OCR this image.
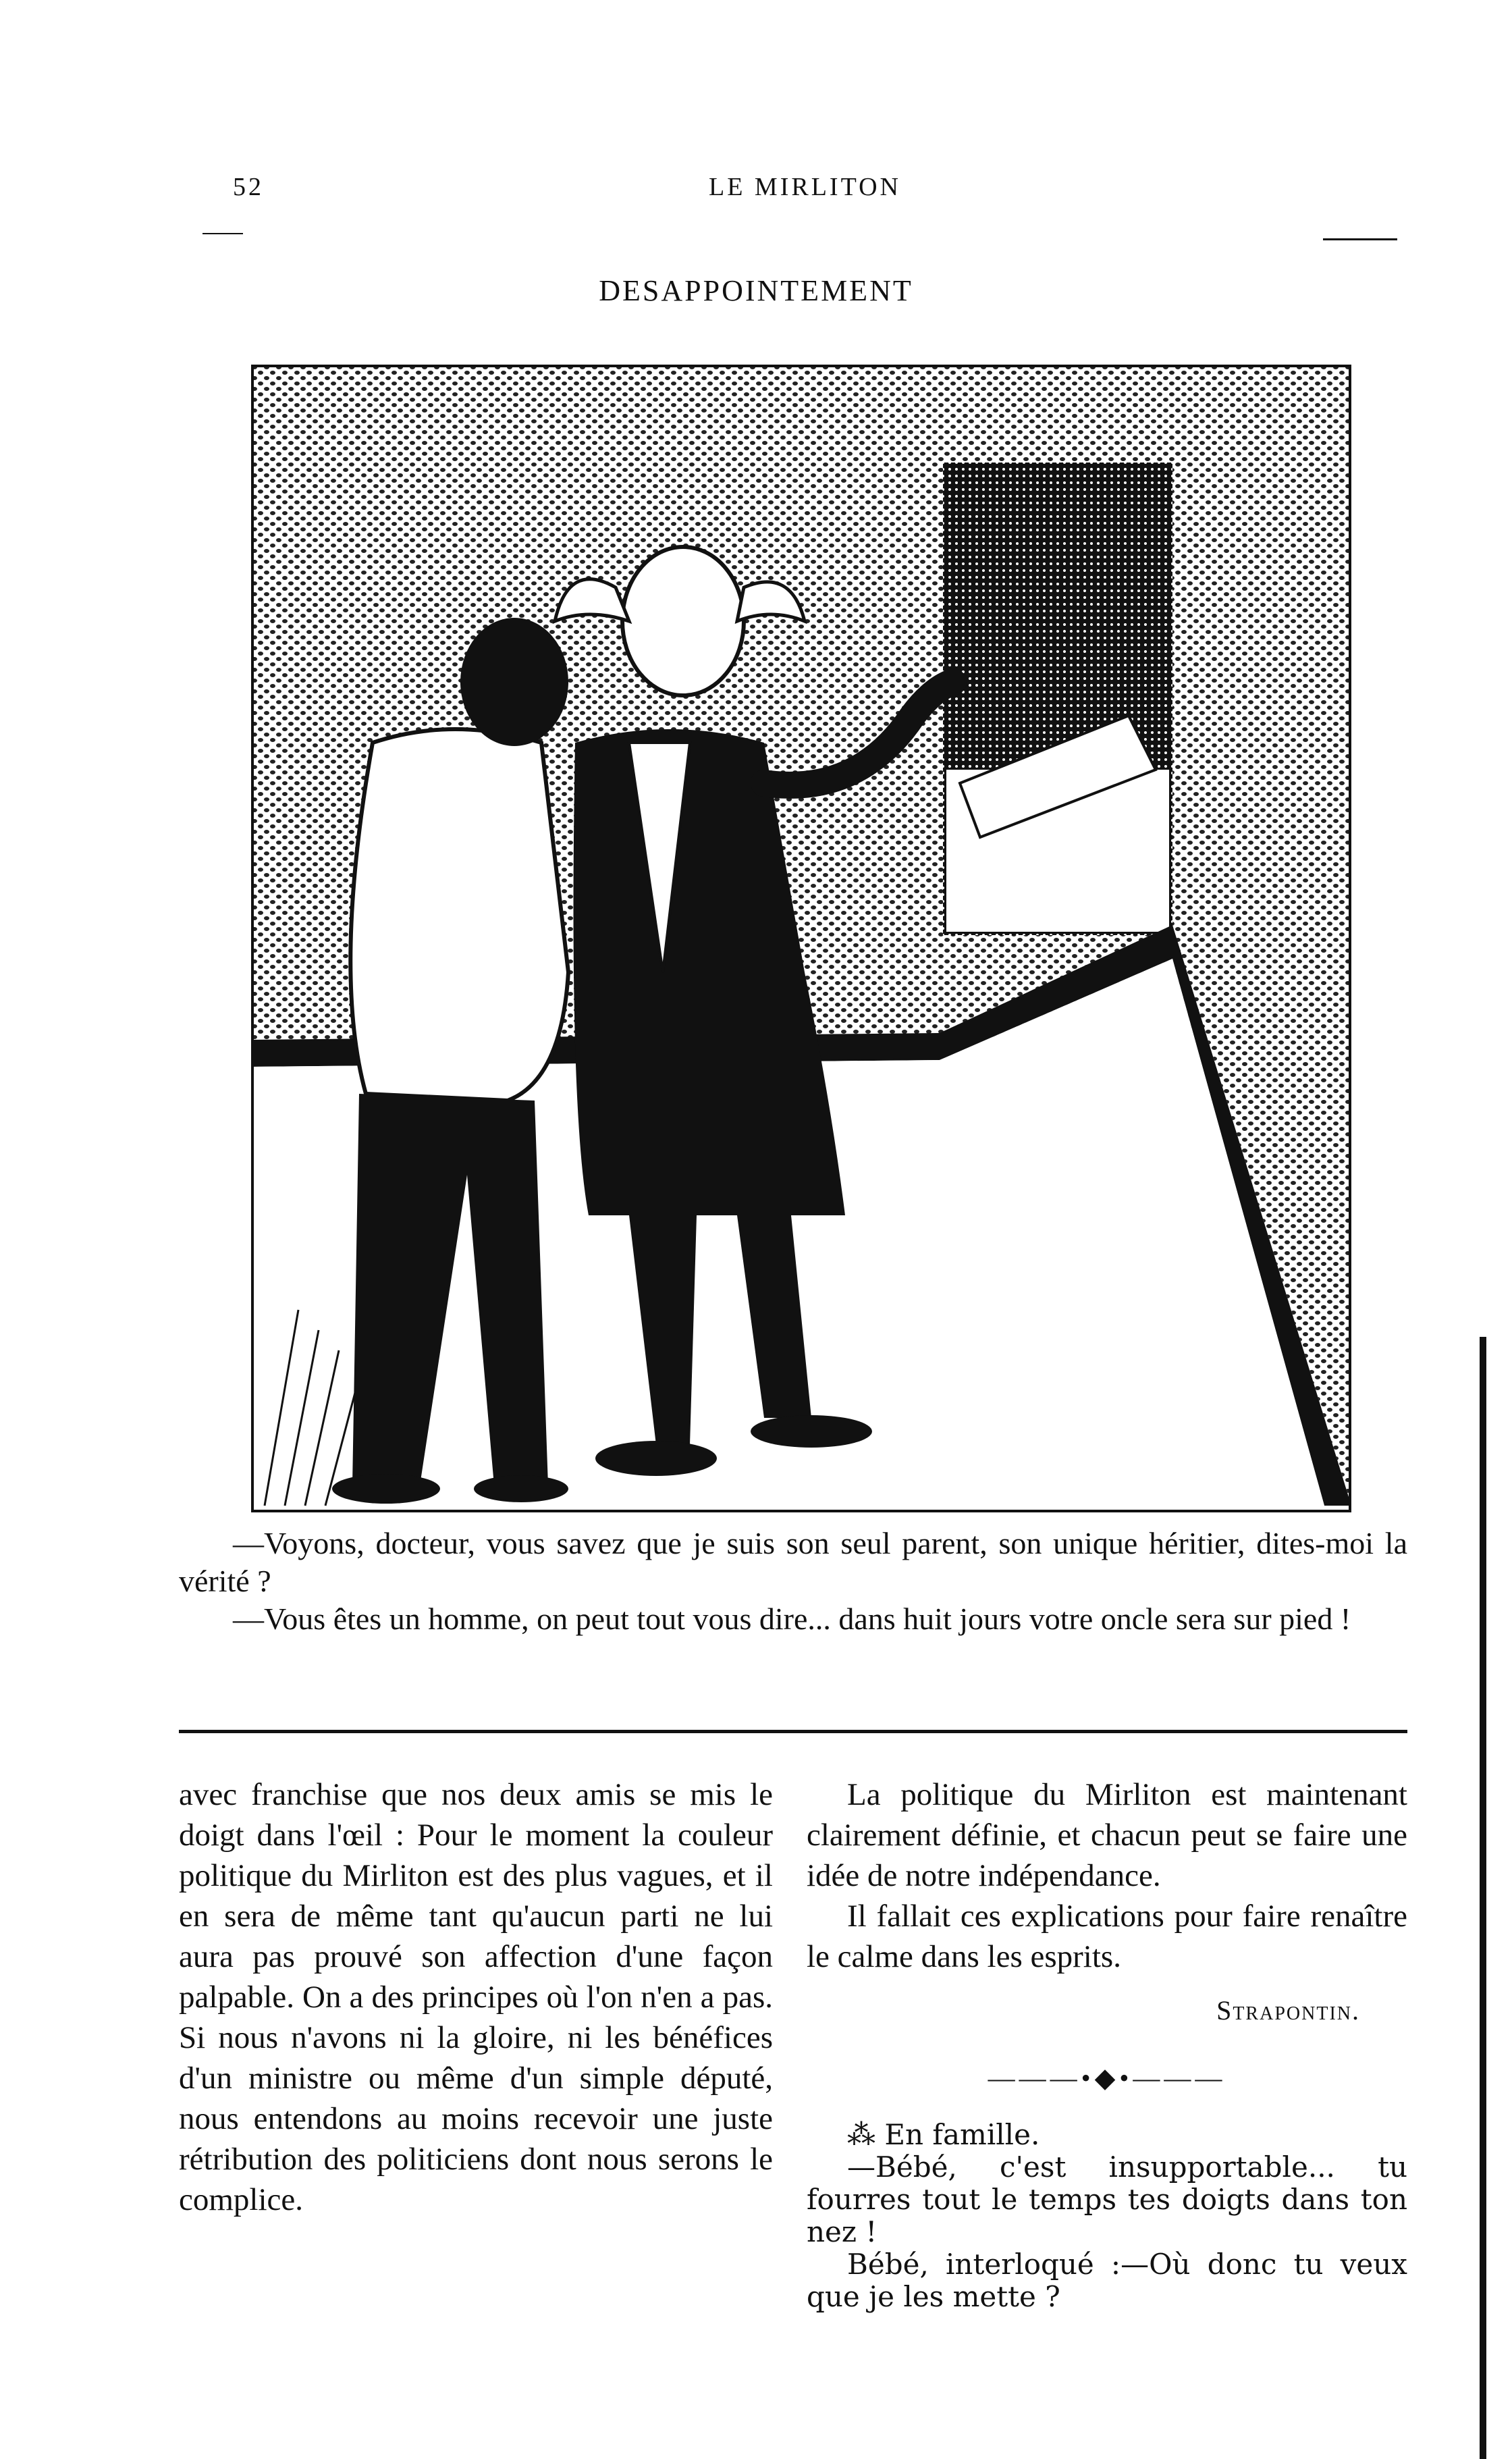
52	LE MIRLITON
DESAPPOINTEMENT

—Voyons, docteur, vous savez que je suis son seul parent, son unique héritier, dites-moi la vérité ?

—Vous êtes un homme, on peut tout vous dire... dans huit jours votre oncle sera sur pied !

avec franchise que nos deux amis se mis le doigt dans l'œil : Pour le moment la couleur politique du Mirliton est des plus vagues, et il en sera de même tant qu'aucun parti ne lui aura pas prouvé son affection d'une façon palpable. On a des principes où l'on n'en a pas. Si nous n'avons ni la gloire, ni les bénéfices d'un ministre ou même d'un simple député, nous entendons au moins recevoir une juste rétribution des politiciens dont nous serons le complice.

La politique du Mirliton est maintenant clairement définie, et chacun peut se faire une idée de notre indépendance.

Il fallait ces explications pour faire renaître le calme dans les esprits.

Strapontin.

———•◆•———

⁂ En famille.

—Bébé, c'est insupportable... tu fourres tout le temps tes doigts dans ton nez !

Bébé, interloqué :—Où donc tu veux que je les mette ?
